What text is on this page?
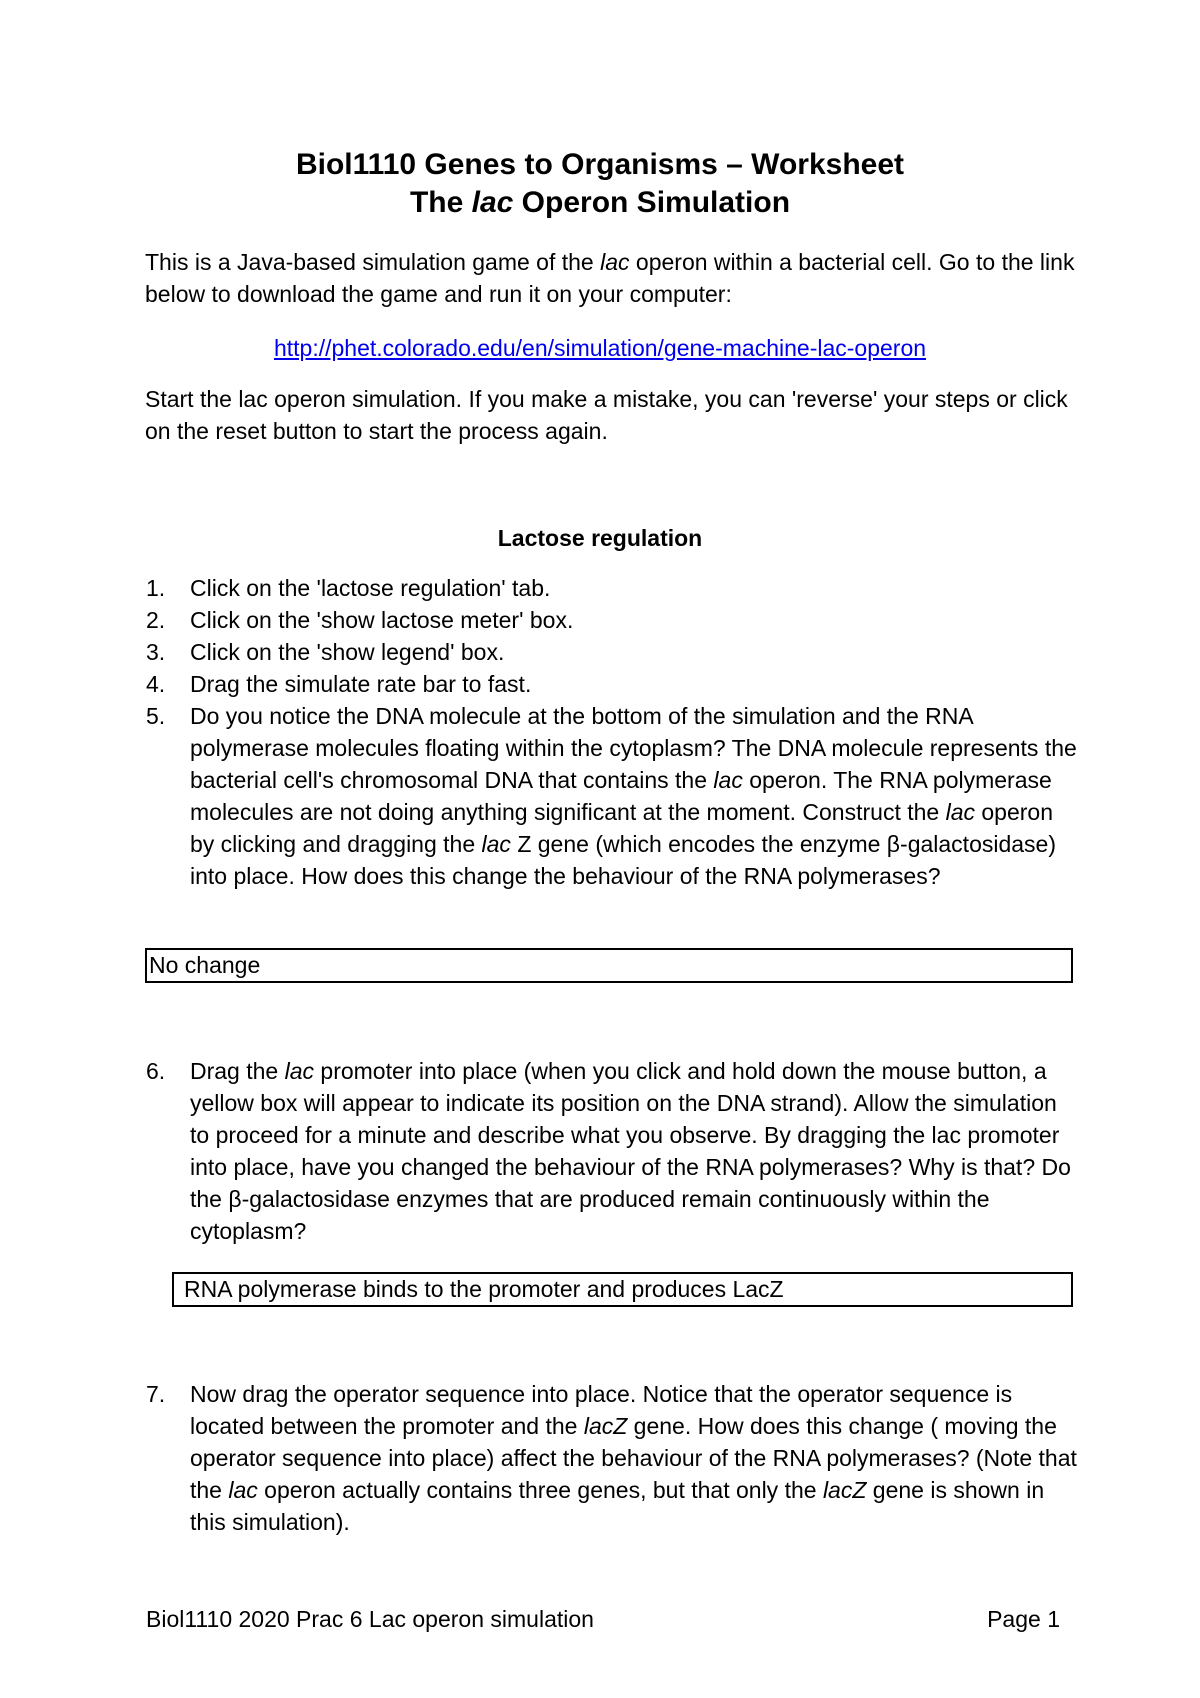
Biol1110 Genes to Organisms – Worksheet
The lac Operon Simulation
This is a Java-based simulation game of the lac operon within a bacterial cell. Go to the link below to download the game and run it on your computer:
http://phet.colorado.edu/en/simulation/gene-machine-lac-operon
Start the lac operon simulation. If you make a mistake, you can 'reverse' your steps or click on the reset button to start the process again.
Lactose regulation
1.	Click on the 'lactose regulation' tab.
2.	Click on the 'show lactose meter' box.
3.	Click on the 'show legend' box.
4.	Drag the simulate rate bar to fast.
5.	Do you notice the DNA molecule at the bottom of the simulation and the RNA polymerase molecules floating within the cytoplasm? The DNA molecule represents the bacterial cell's chromosomal DNA that contains the lac operon. The RNA polymerase molecules are not doing anything significant at the moment. Construct the lac operon by clicking and dragging the lac Z gene (which encodes the enzyme β-galactosidase) into place. How does this change the behaviour of the RNA polymerases?
No change
6.	Drag the lac promoter into place (when you click and hold down the mouse button, a yellow box will appear to indicate its position on the DNA strand). Allow the simulation to proceed for a minute and describe what you observe. By dragging the lac promoter into place, have you changed the behaviour of the RNA polymerases? Why is that? Do the β-galactosidase enzymes that are produced remain continuously within the cytoplasm?
RNA polymerase binds to the promoter and produces LacZ
7.	Now drag the operator sequence into place. Notice that the operator sequence is located between the promoter and the lacZ gene. How does this change ( moving the operator sequence into place) affect the behaviour of the RNA polymerases? (Note that the lac operon actually contains three genes, but that only the lacZ gene is shown in this simulation).
Biol1110 2020 Prac 6 Lac operon simulation	Page 1
